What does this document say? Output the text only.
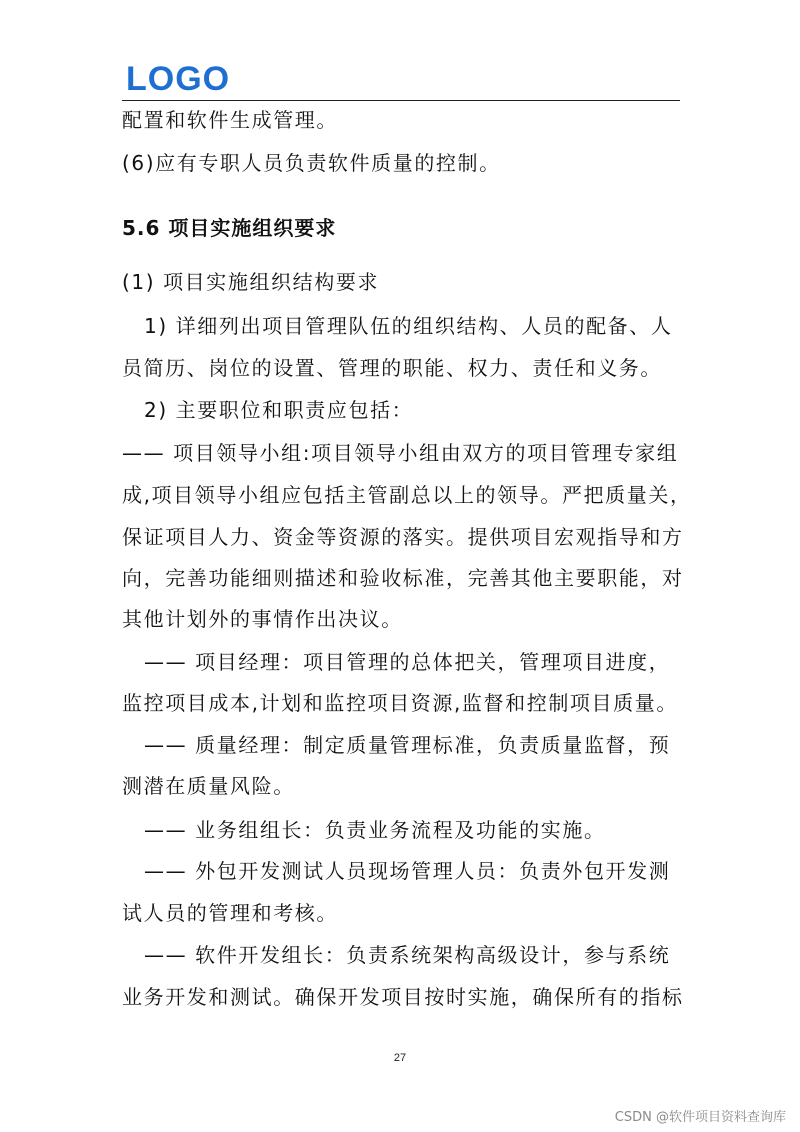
LOGO
配置和软件生成管理。
(6)应有专职人员负责软件质量的控制。
5.6 项目实施组织要求
(1) 项目实施组织结构要求
1) 详细列出项目管理队伍的组织结构、人员的配备、人
员简历、岗位的设置、管理的职能、权力、责任和义务。
2) 主要职位和职责应包括：
—— 项目领导小组:项目领导小组由双方的项目管理专家组
成,项目领导小组应包括主管副总以上的领导。严把质量关，
保证项目人力、资金等资源的落实。提供项目宏观指导和方
向，完善功能细则描述和验收标准，完善其他主要职能，对
其他计划外的事情作出决议。
—— 项目经理：项目管理的总体把关，管理项目进度，
监控项目成本,计划和监控项目资源,监督和控制项目质量。
—— 质量经理：制定质量管理标准，负责质量监督，预
测潜在质量风险。
—— 业务组组长：负责业务流程及功能的实施。
—— 外包开发测试人员现场管理人员：负责外包开发测
试人员的管理和考核。
—— 软件开发组长：负责系统架构高级设计，参与系统
业务开发和测试。确保开发项目按时实施，确保所有的指标
27
CSDN @软件项目资料查询库
